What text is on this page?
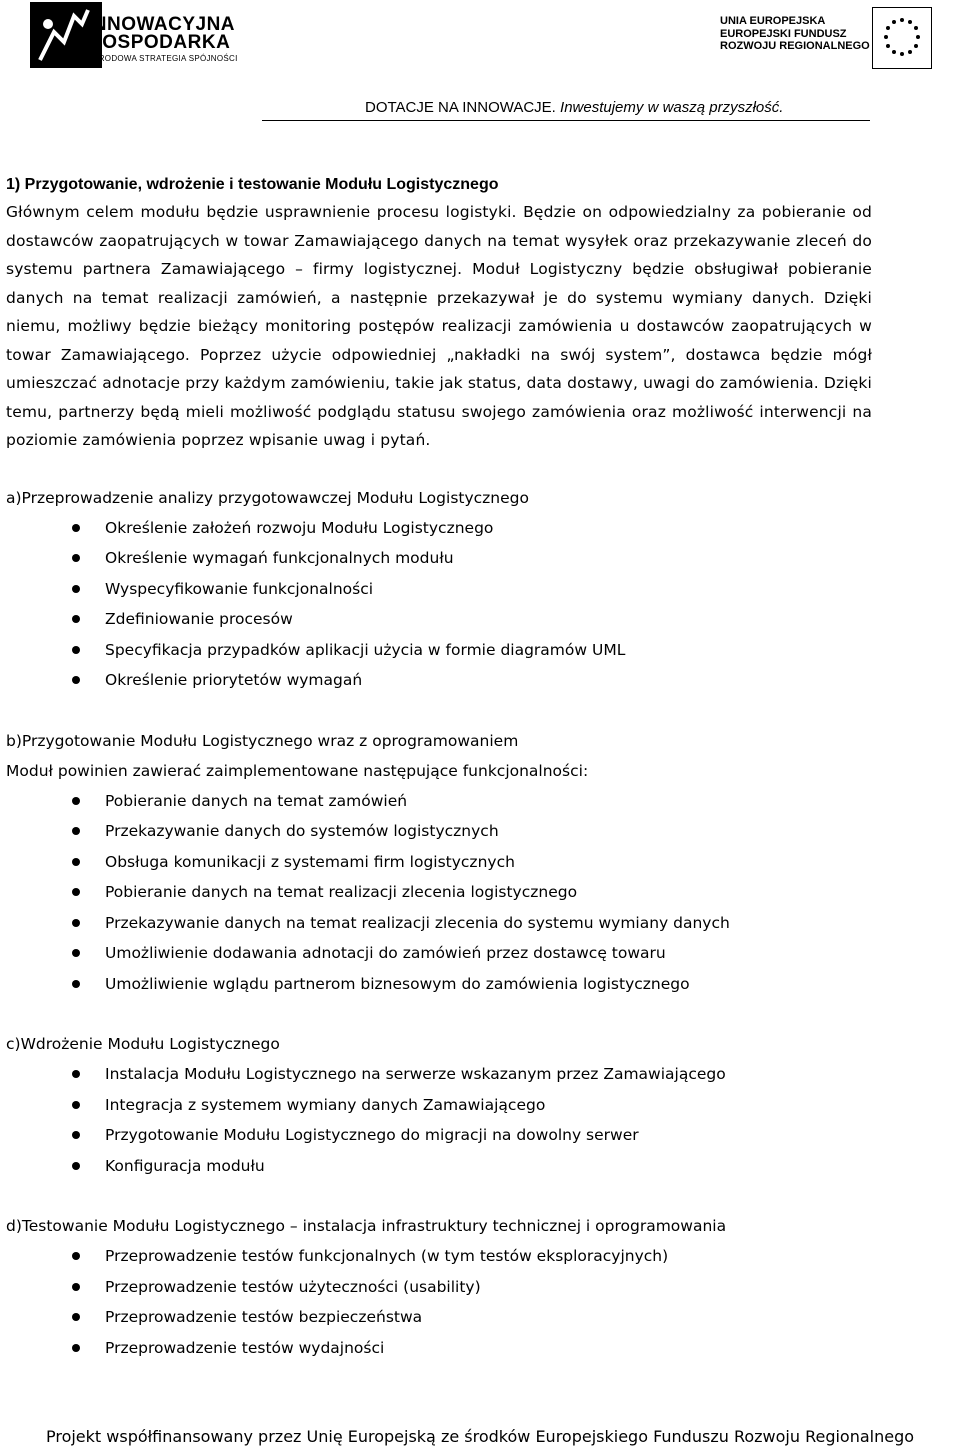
INNOWACYJNA
GOSPODARKA
NARODOWA STRATEGIA SPÓJNOŚCI
UNIA EUROPEJSKA
EUROPEJSKI FUNDUSZ
ROZWOJU REGIONALNEGO
DOTACJE NA INNOWACJE. Inwestujemy w waszą przyszłość.

1) Przygotowanie, wdrożenie i testowanie Modułu Logistycznego

Głównym celem modułu będzie usprawnienie procesu logistyki. Będzie on odpowiedzialny za pobieranie od dostawców zaopatrujących w towar Zamawiającego danych na temat wysyłek oraz przekazywanie zleceń do systemu partnera Zamawiającego – firmy logistycznej. Moduł Logistyczny będzie obsługiwał pobieranie danych na temat realizacji zamówień, a następnie przekazywał je do systemu wymiany danych. Dzięki niemu, możliwy będzie bieżący monitoring postępów realizacji zamówienia u dostawców zaopatrujących w towar Zamawiającego. Poprzez użycie odpowiedniej „nakładki na swój system”, dostawca będzie mógł umieszczać adnotacje przy każdym zamówieniu, takie jak status, data dostawy, uwagi do zamówienia. Dzięki temu, partnerzy będą mieli możliwość podglądu statusu swojego zamówienia oraz możliwość interwencji na poziomie zamówienia poprzez wpisanie uwag i pytań.

a)Przeprowadzenie analizy przygotowawczej Modułu Logistycznego

Określenie założeń rozwoju Modułu Logistycznego
Określenie wymagań funkcjonalnych modułu
Wyspecyfikowanie funkcjonalności
Zdefiniowanie procesów
Specyfikacja przypadków aplikacji użycia w formie diagramów UML
Określenie priorytetów wymagań

b)Przygotowanie Modułu Logistycznego wraz z oprogramowaniem

Moduł powinien zawierać zaimplementowane następujące funkcjonalności:

Pobieranie danych na temat zamówień
Przekazywanie danych do systemów logistycznych
Obsługa komunikacji z systemami firm logistycznych
Pobieranie danych na temat realizacji zlecenia logistycznego
Przekazywanie danych na temat realizacji zlecenia do systemu wymiany danych
Umożliwienie dodawania adnotacji do zamówień przez dostawcę towaru
Umożliwienie wglądu partnerom biznesowym do zamówienia logistycznego

c)Wdrożenie Modułu Logistycznego

Instalacja Modułu Logistycznego na serwerze wskazanym przez Zamawiającego
Integracja z systemem wymiany danych Zamawiającego
Przygotowanie Modułu Logistycznego do migracji na dowolny serwer
Konfiguracja modułu

d)Testowanie Modułu Logistycznego – instalacja infrastruktury technicznej i oprogramowania

Przeprowadzenie testów funkcjonalnych (w tym testów eksploracyjnych)
Przeprowadzenie testów użyteczności (usability)
Przeprowadzenie testów bezpieczeństwa
Przeprowadzenie testów wydajności
Projekt współfinansowany przez Unię Europejską ze środków Europejskiego Funduszu Rozwoju Regionalnego
